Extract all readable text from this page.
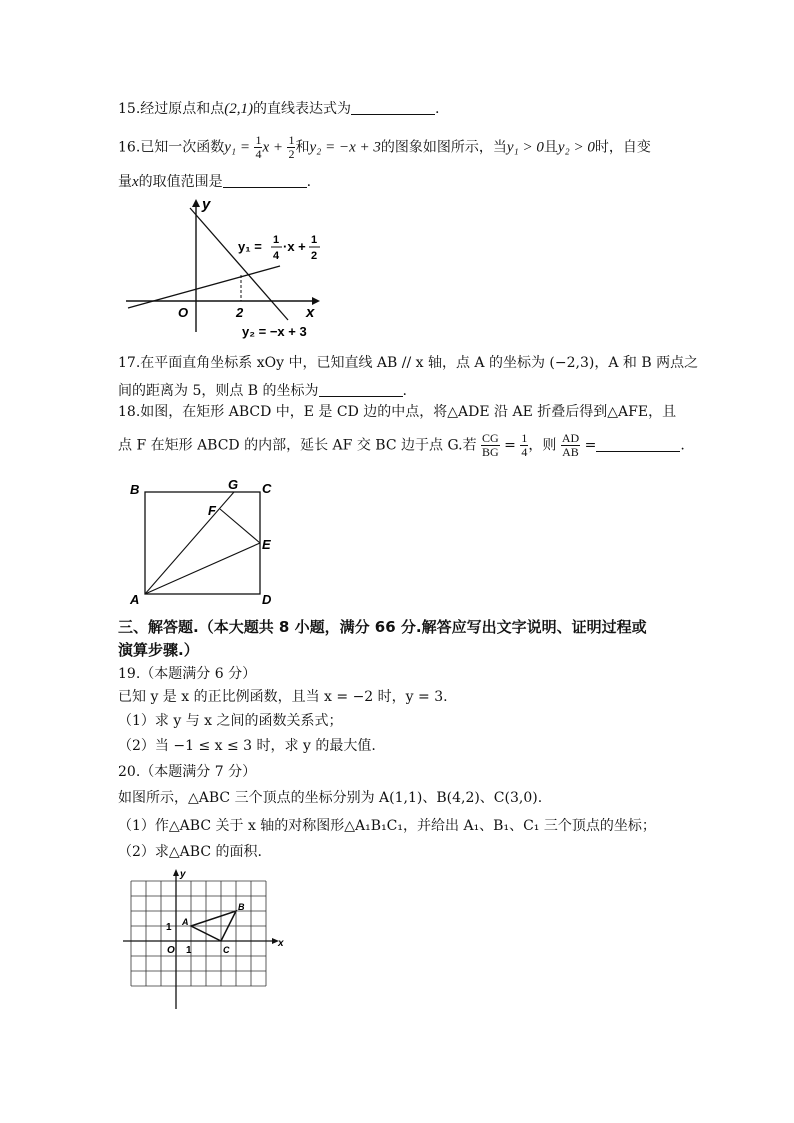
15.经过原点和点(2,1)的直线表达式为	.
16.已知一次函数$y_1 = \frac{1}{4}$ $x + \frac{1}{2}$ 和y₂ = −x + 3的图象如图所示，当y₁ > 0且y₂ > 0时，自变
量x的取值范围是	.
y
x
O	2
y₁ = 1
4
·x + 1
2
y₂ = −x + 3
17.在平面直角坐标系 xOy 中，已知直线 AB // x 轴，点 A 的坐标为 (−2,3)，A 和 B 两点之
间的距离为 5，则点 B 的坐标为	.
18.如图，在矩形 ABCD 中，E 是 CD 边的中点，将△ADE 沿 AE 折叠后得到△AFE，且
点 F 在矩形 ABCD 的内部，延长 AF 交 BC 边于点 G.若 $\frac{CG}{BG} = \frac{1}{4}$ ，则 $\frac{AD}{AB}$ =	.
B	G C
F
E
A	D
三、解答题.（本大题共 8 小题，满分 66 分.解答应写出文字说明、证明过程或
演算步骤.）
19.（本题满分 6 分）
已知 y 是 x 的正比例函数，且当 x = −2 时，y = 3.
（1）求 y 与 x 之间的函数关系式；
（2）当 −1 ≤ x ≤ 3 时，求 y 的最大值.
20.（本题满分 7 分）
如图所示，△ABC 三个顶点的坐标分别为 A(1,1)、B(4,2)、C(3,0).
（1）作△ABC 关于 x 轴的对称图形△A₁B₁C₁，并给出 A₁、B₁、C₁ 三个顶点的坐标；
（2）求△ABC 的面积.
y
x
O 1
1 A
B
C
